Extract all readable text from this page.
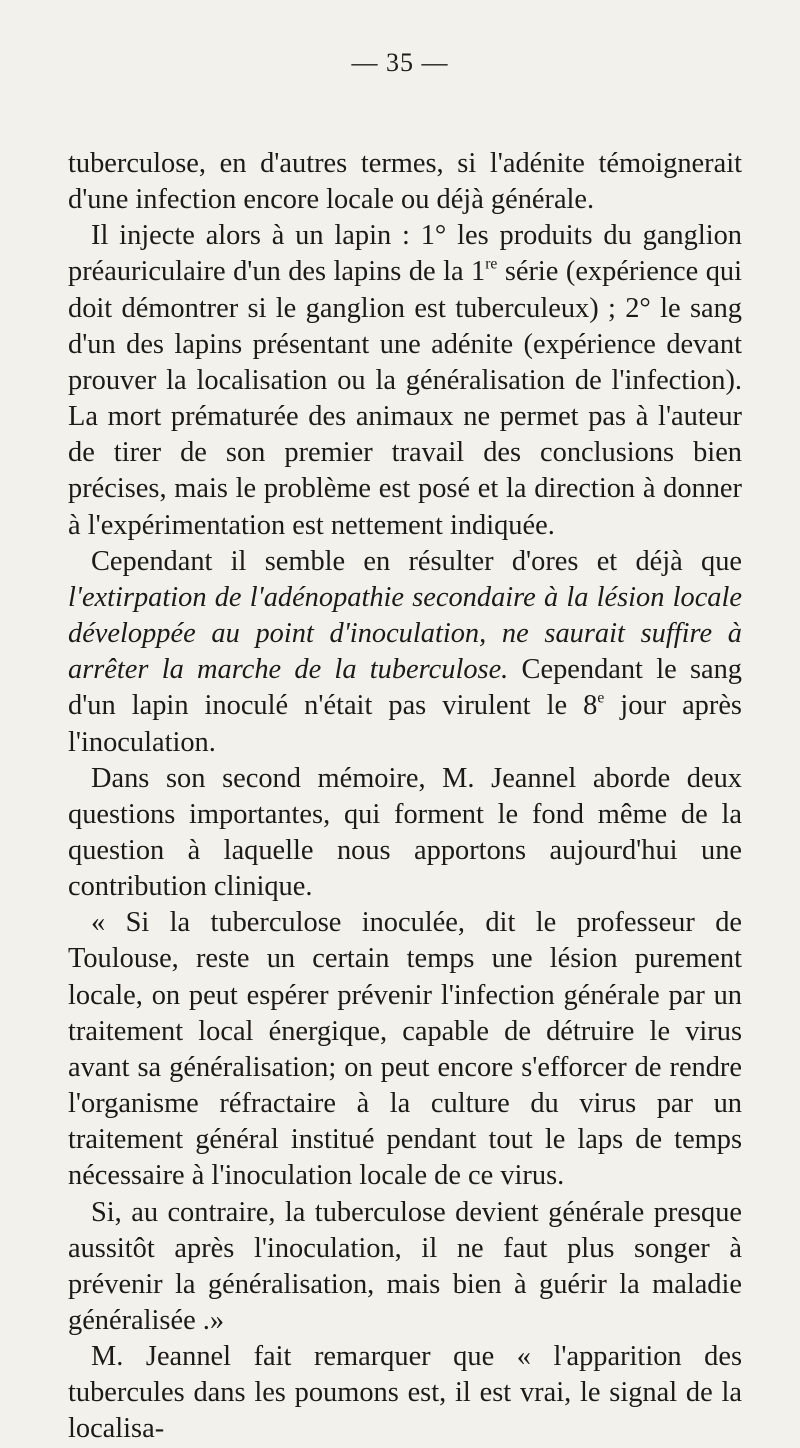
— 35 —

tuberculose, en d'autres termes, si l'adénite témoignerait d'une infection encore locale ou déjà générale.

Il injecte alors à un lapin : 1° les produits du ganglion préauriculaire d'un des lapins de la 1re série (expérience qui doit démontrer si le ganglion est tuberculeux) ; 2° le sang d'un des lapins présentant une adénite (expérience devant prouver la localisation ou la généralisation de l'infection). La mort prématurée des animaux ne permet pas à l'auteur de tirer de son premier travail des conclusions bien précises, mais le problème est posé et la direction à donner à l'expérimentation est nettement indiquée.

Cependant il semble en résulter d'ores et déjà que l'extirpation de l'adénopathie secondaire à la lésion locale développée au point d'inoculation, ne saurait suffire à arrêter la marche de la tuberculose. Cependant le sang d'un lapin inoculé n'était pas virulent le 8e jour après l'inoculation.

Dans son second mémoire, M. Jeannel aborde deux questions importantes, qui forment le fond même de la question à laquelle nous apportons aujourd'hui une contribution clinique.

« Si la tuberculose inoculée, dit le professeur de Toulouse, reste un certain temps une lésion purement locale, on peut espérer prévenir l'infection générale par un traitement local énergique, capable de détruire le virus avant sa généralisation; on peut encore s'efforcer de rendre l'organisme réfractaire à la culture du virus par un traitement général institué pendant tout le laps de temps nécessaire à l'inoculation locale de ce virus.

Si, au contraire, la tuberculose devient générale presque aussitôt après l'inoculation, il ne faut plus songer à prévenir la généralisation, mais bien à guérir la maladie généralisée .»

M. Jeannel fait remarquer que « l'apparition des tubercules dans les poumons est, il est vrai, le signal de la localisa-
